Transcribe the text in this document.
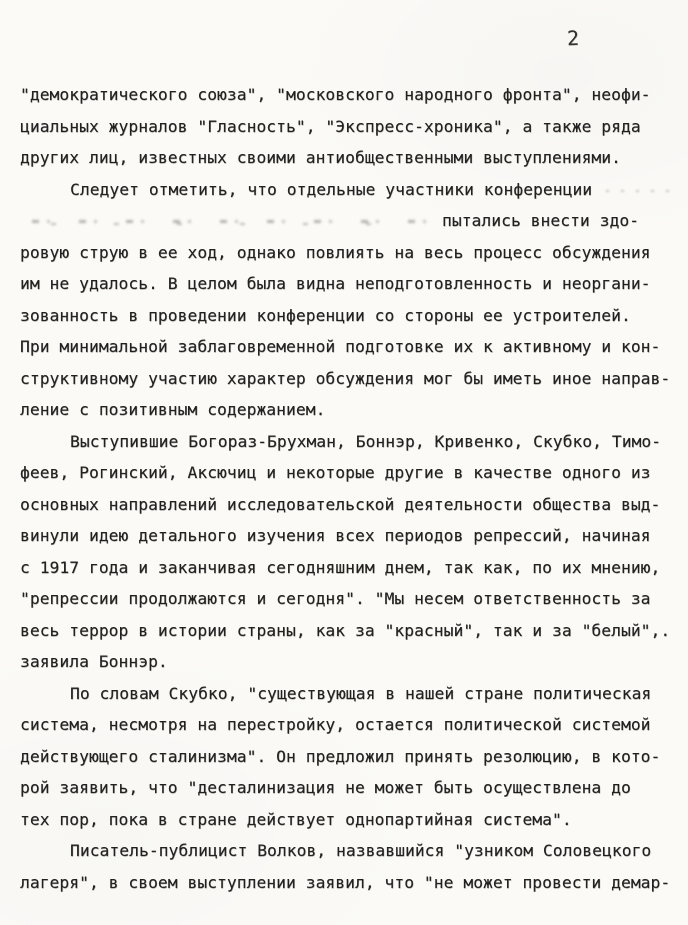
2
"демократического союза", "московского народного фронта", неофи-
циальных журналов "Гласность", "Экспресс-хроника", а также ряда
других лиц, известных своими антиобщественными выступлениями.
Следует отметить, что отдельные участники конференции
пытались внести здо-
ровую струю в ее ход, однако повлиять на весь процесс обсуждения
им не удалось. В целом была видна неподготовленность и неоргани-
зованность в проведении конференции со стороны ее устроителей.
При минимальной заблаговременной подготовке их к активному и кон-
структивному участию характер обсуждения мог бы иметь иное направ-
ление с позитивным содержанием.
Выступившие Богораз-Брухман, Боннэр, Кривенко, Скубко, Тимо-
феев, Рогинский, Аксючиц и некоторые другие в качестве одного из
основных направлений исследовательской деятельности общества выд-
винули идею детального изучения всех периодов репрессий, начиная
с 1917 года и заканчивая сегодняшним днем, так как, по их мнению,
"репрессии продолжаются и сегодня". "Мы несем ответственность за
весь террор в истории страны, как за "красный", так и за "белый",.
заявила Боннэр.
По словам Скубко, "существующая в нашей стране политическая
система, несмотря на перестройку, остается политической системой
действующего сталинизма". Он предложил принять резолюцию, в кото-
рой заявить, что "десталинизация не может быть осуществлена до
тех пор, пока в стране действует однопартийная система".
Писатель-публицист Волков, назвавшийся "узником Соловецкого
лагеря", в своем выступлении заявил, что "не может провести демар-
